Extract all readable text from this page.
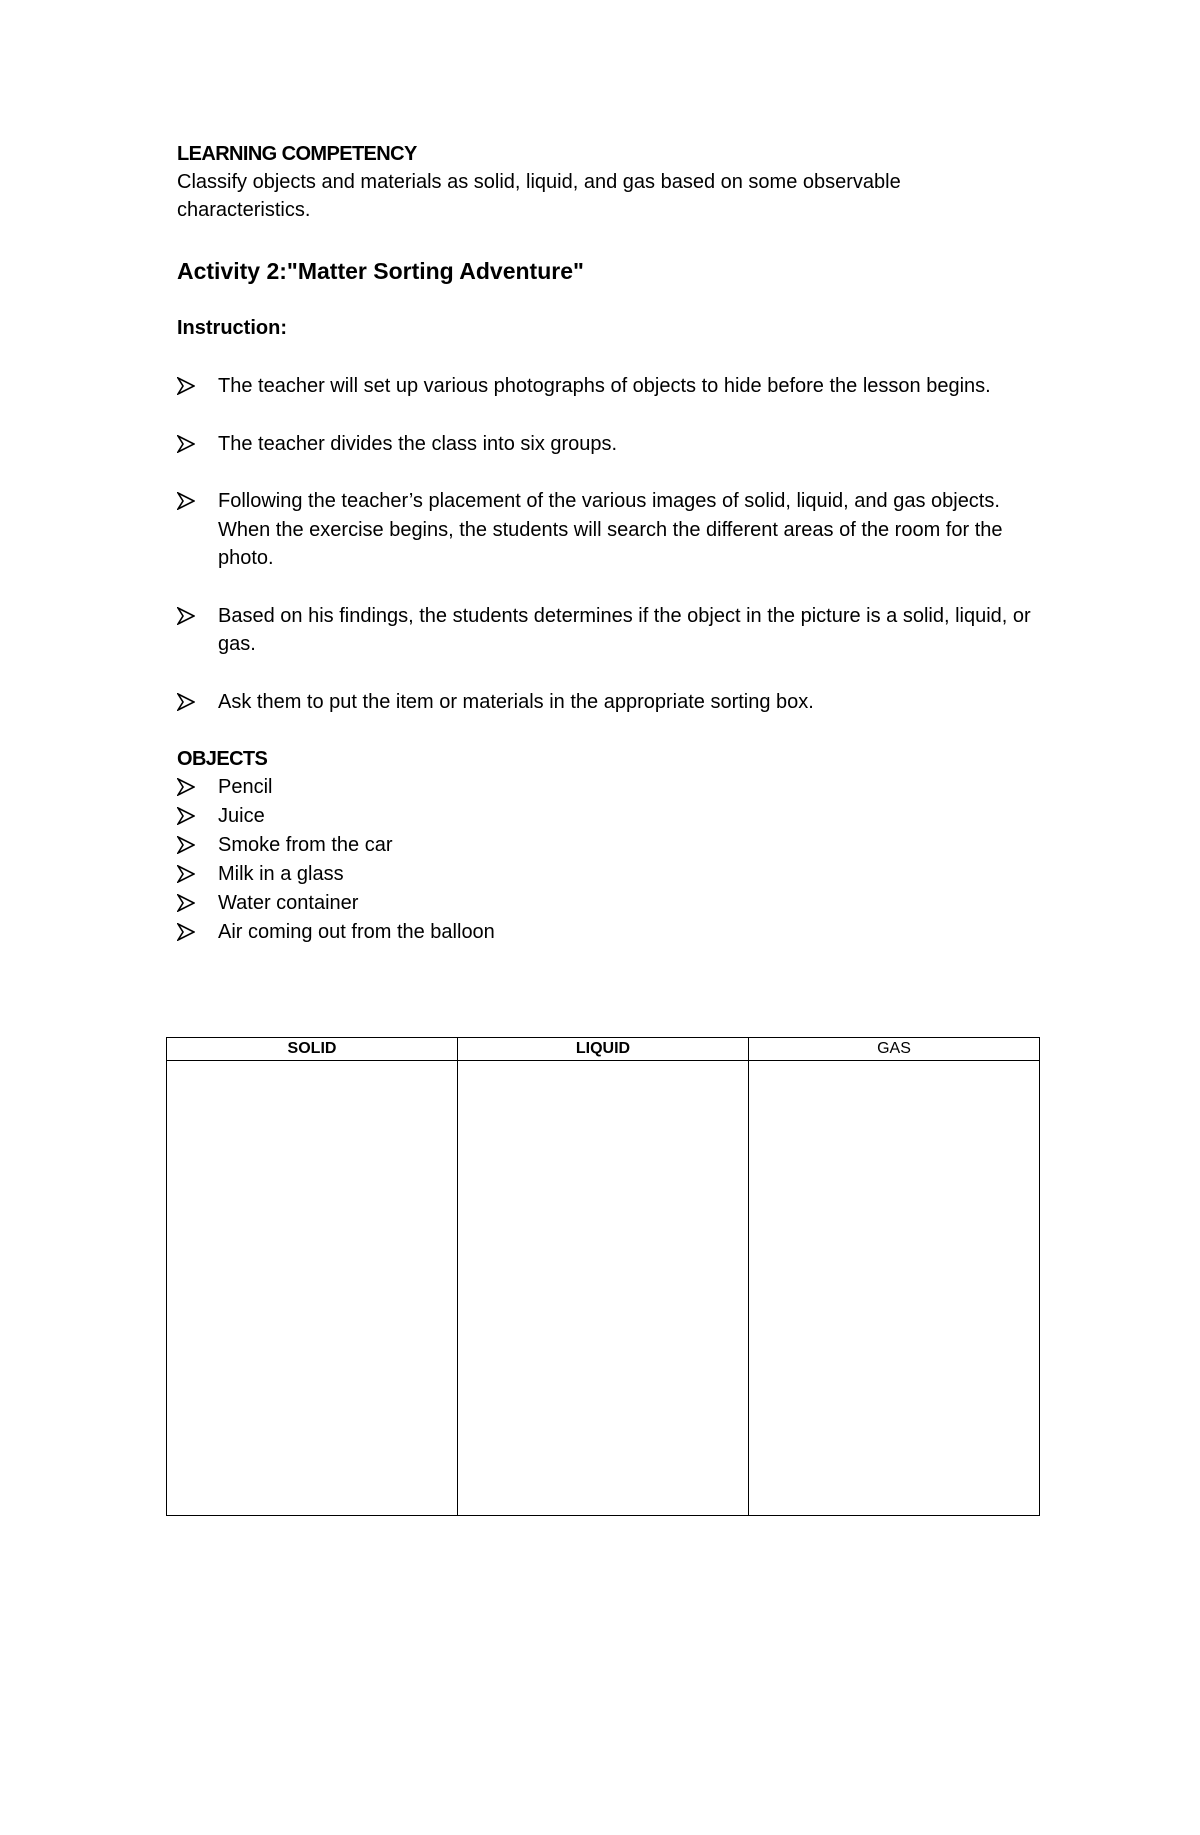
LEARNING COMPETENCY

Classify objects and materials as solid, liquid, and gas based on some observable characteristics.

Activity 2:"Matter Sorting Adventure"

Instruction:

The teacher will set up various photographs of objects to hide before the lesson begins.
The teacher divides the class into six groups.
Following the teacher’s placement of the various images of solid, liquid, and gas objects. When the exercise begins, the students will search the different areas of the room for the photo.
Based on his findings, the students determines if the object in the picture is a solid, liquid, or gas.
Ask them to put the item or materials in the appropriate sorting box.

OBJECTS

Pencil
Juice
Smoke from the car
Milk in a glass
Water container
Air coming out from the balloon
SOLID	LIQUID	GAS
